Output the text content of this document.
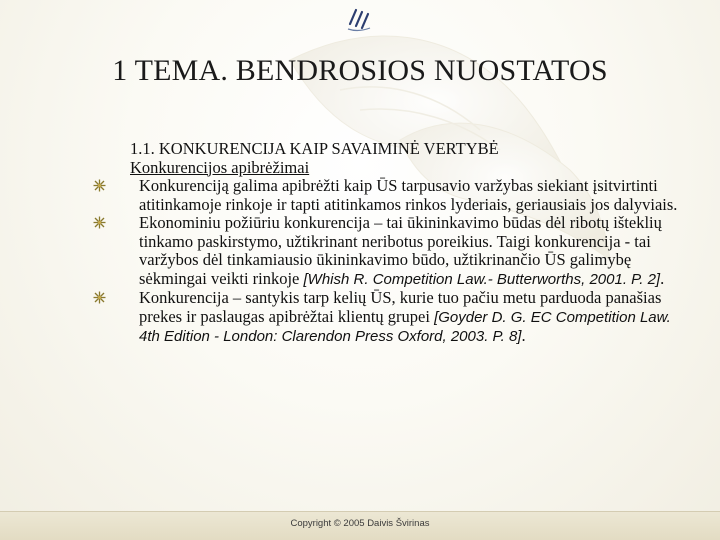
1 TEMA. BENDROSIOS NUOSTATOS
1.1. KONKURENCIJA KAIP SAVAIMINĖ VERTYBĖ
Konkurencijos apibrėžimai
Konkurenciją galima apibrėžti kaip ŪS tarpusavio varžybas siekiant įsitvirtinti atitinkamoje rinkoje ir tapti atitinkamos rinkos lyderiais, geriausiais jos dalyviais.
Ekonominiu požiūriu konkurencija – tai ūkininkavimo būdas dėl ribotų išteklių tinkamo paskirstymo, užtikrinant neribotus poreikius. Taigi konkurencija - tai varžybos dėl tinkamiausio ūkininkavimo būdo, užtikrinančio ŪS galimybę sėkmingai veikti rinkoje [Whish R. Competition Law.- Butterworths, 2001. P. 2].
Konkurencija – santykis tarp kelių ŪS, kurie tuo pačiu metu parduoda panašias prekes ir paslaugas apibrėžtai klientų grupei [Goyder D. G. EC Competition Law. 4th Edition - London: Clarendon Press Oxford, 2003. P. 8].
Copyright © 2005 Daivis Švirinas
